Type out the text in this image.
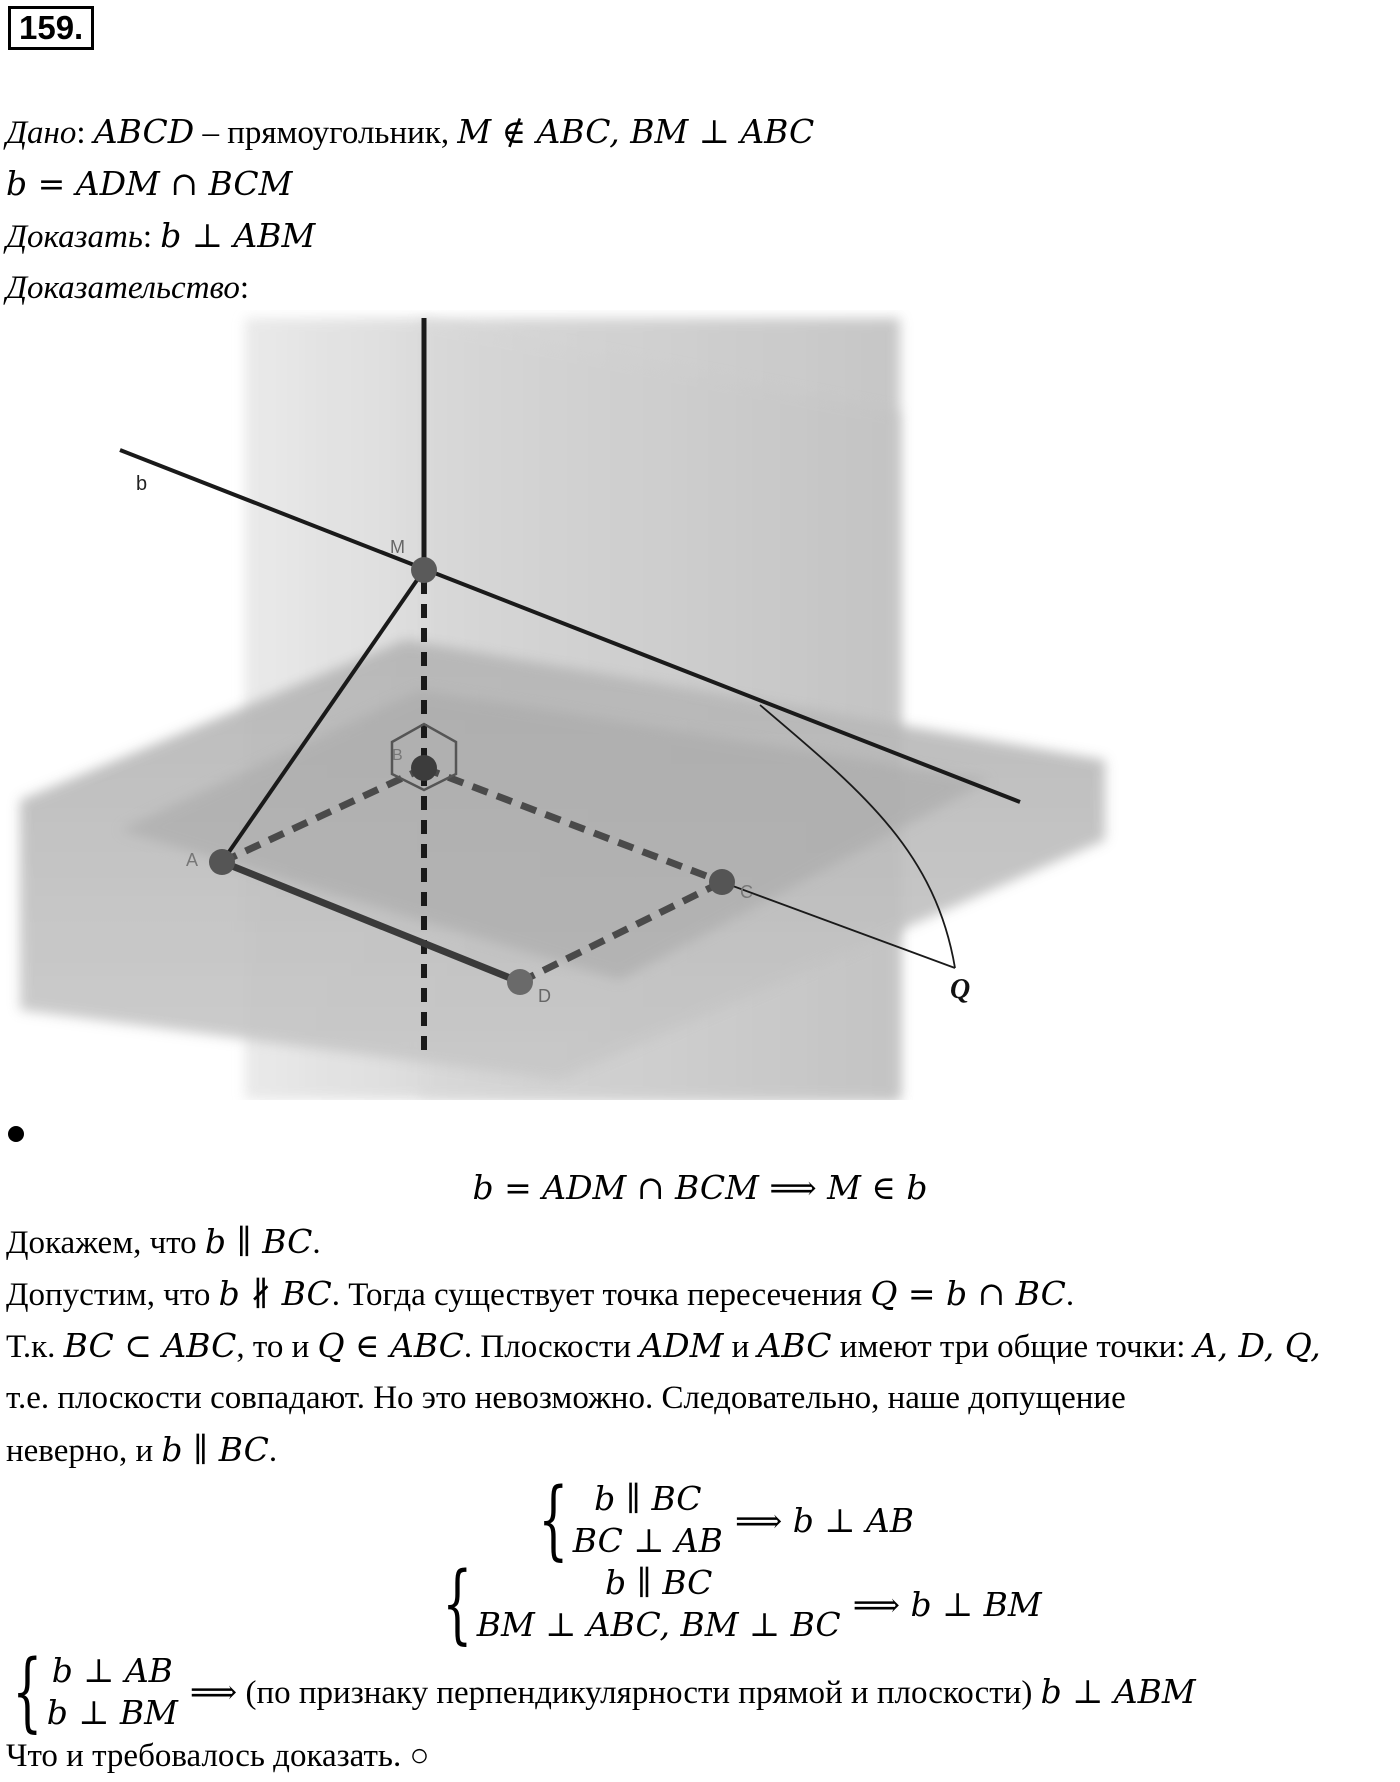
159.
Дано: ABCD – прямоугольник, M ∉ ABC, BM ⊥ ABC
b = ADM ∩ BCM
Доказать: b ⊥ ABM
Доказательство:
b
M
B
A
C
D	Q
b = ADM ∩ BCM ⟹ M ∈ b
Докажем, что b ∥ BC.
Допустим, что b ∦ BC. Тогда существует точка пересечения Q = b ∩ BC.
Т.к. BC ⊂ ABC, то и Q ∈ ABC. Плоскости ADM и ABC имеют три общие точки: A, D, Q,
т.е. плоскости совпадают. Но это невозможно. Следовательно, наше допущение
неверно, и b ∥ BC.
{ b ∥ BC
BC ⊥ AB
⟹ b ⊥ AB
{	b ∥ BC
BM ⊥ ABC, BM ⊥ BC
⟹ b ⊥ BM
{ b ⊥ AB
b ⊥ BM
⟹ (по признаку перпендикулярности прямой и плоскости) b ⊥ ABM
Что и требовалось доказать. ○
